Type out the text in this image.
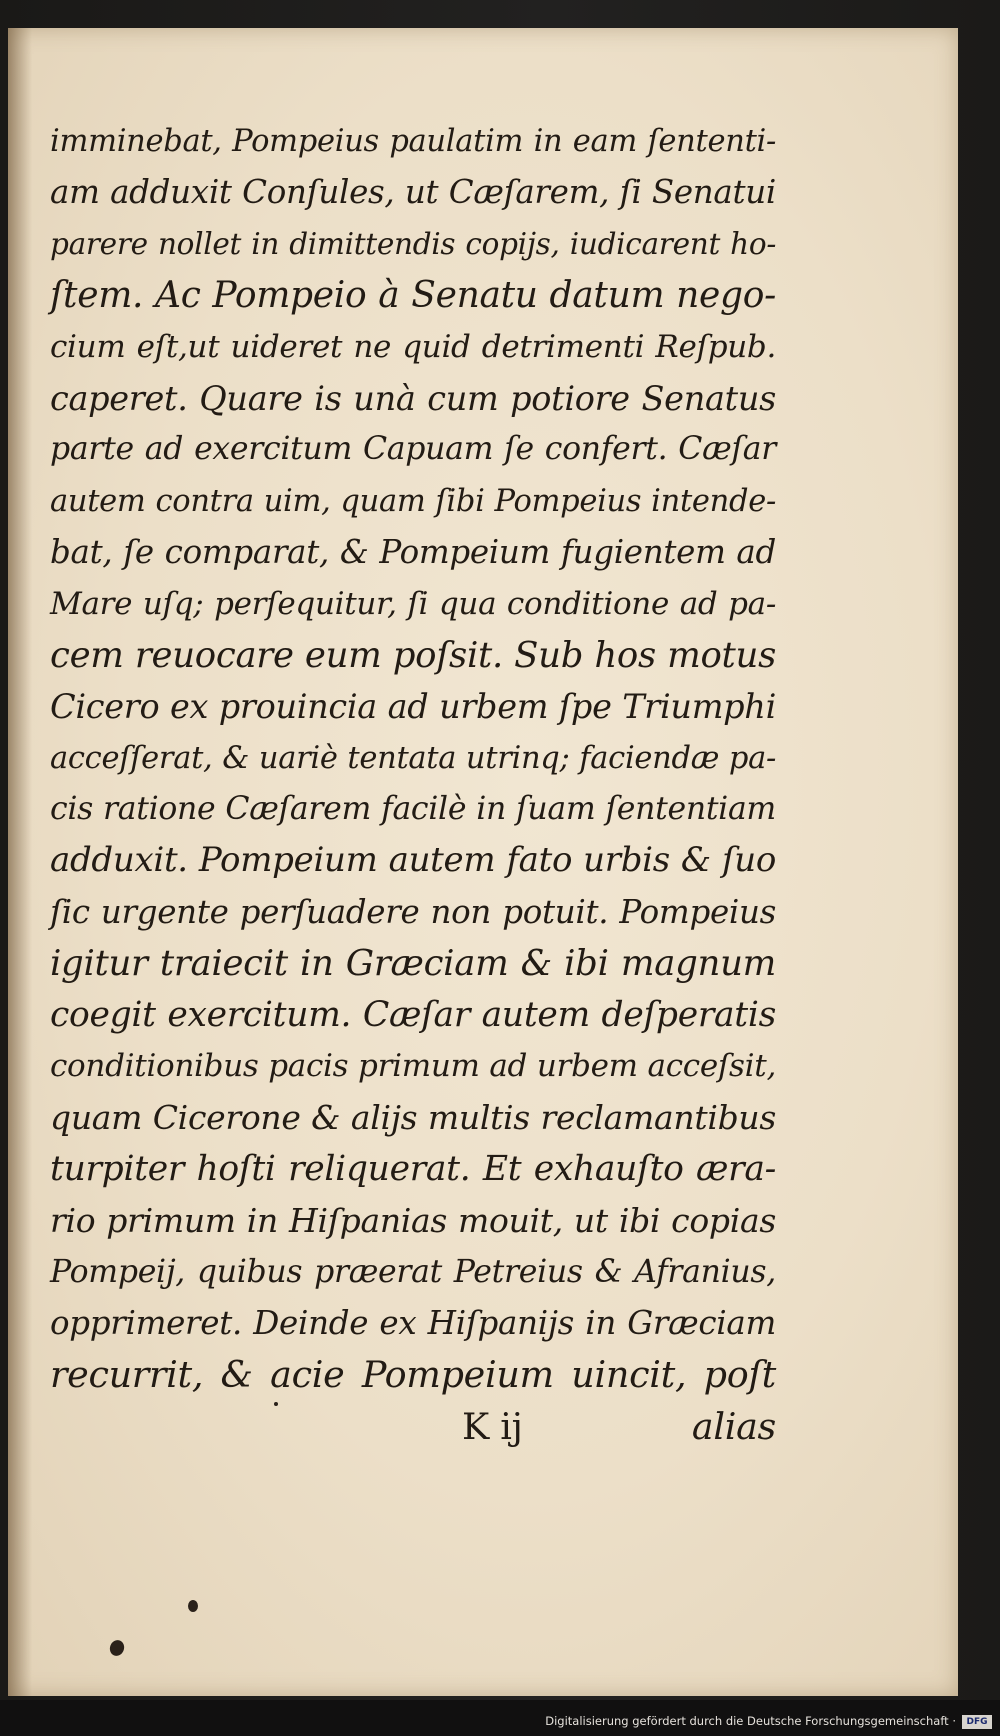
imminebat, Pompeius paulatim in eam ſententi-
am adduxit Conſules, ut Cæſarem, ſi Senatui
parere nollet in dimittendis copijs, iudicarent ho-
ſtem. Ac Pompeio à Senatu datum nego-
cium eſt,ut uideret ne quid detrimenti Reſpub.
caperet. Quare is unà cum potiore Senatus
parte ad exercitum Capuam ſe confert. Cæſar
autem contra uim, quam ſibi Pompeius intende-
bat, ſe comparat, & Pompeium fugientem ad
Mare uſq; perſequitur, ſi qua conditione ad pa-
cem reuocare eum poſsit. Sub hos motus
Cicero ex prouincia ad urbem ſpe Triumphi
acceſſerat, & uariè tentata utrinq; faciendæ pa-
cis ratione Cæſarem facilè in ſuam ſententiam
adduxit. Pompeium autem fato urbis & ſuo
ſic urgente perſuadere non potuit. Pompeius
igitur traiecit in Græciam & ibi magnum
coegit exercitum. Cæſar autem deſperatis
conditionibus pacis primum ad urbem acceſsit,
quam Cicerone & alijs multis reclamantibus
turpiter hoſti reliquerat. Et exhauſto æra-
rio primum in Hiſpanias mouit, ut ibi copias
Pompeij, quibus præerat Petreius & Afranius,
opprimeret. Deinde ex Hiſpanijs in Græciam
recurrit, & acie Pompeium uincit, poſt
K ij	alias
Digitalisierung gefördert durch die Deutsche Forschungsgemeinschaft ·	DFG
